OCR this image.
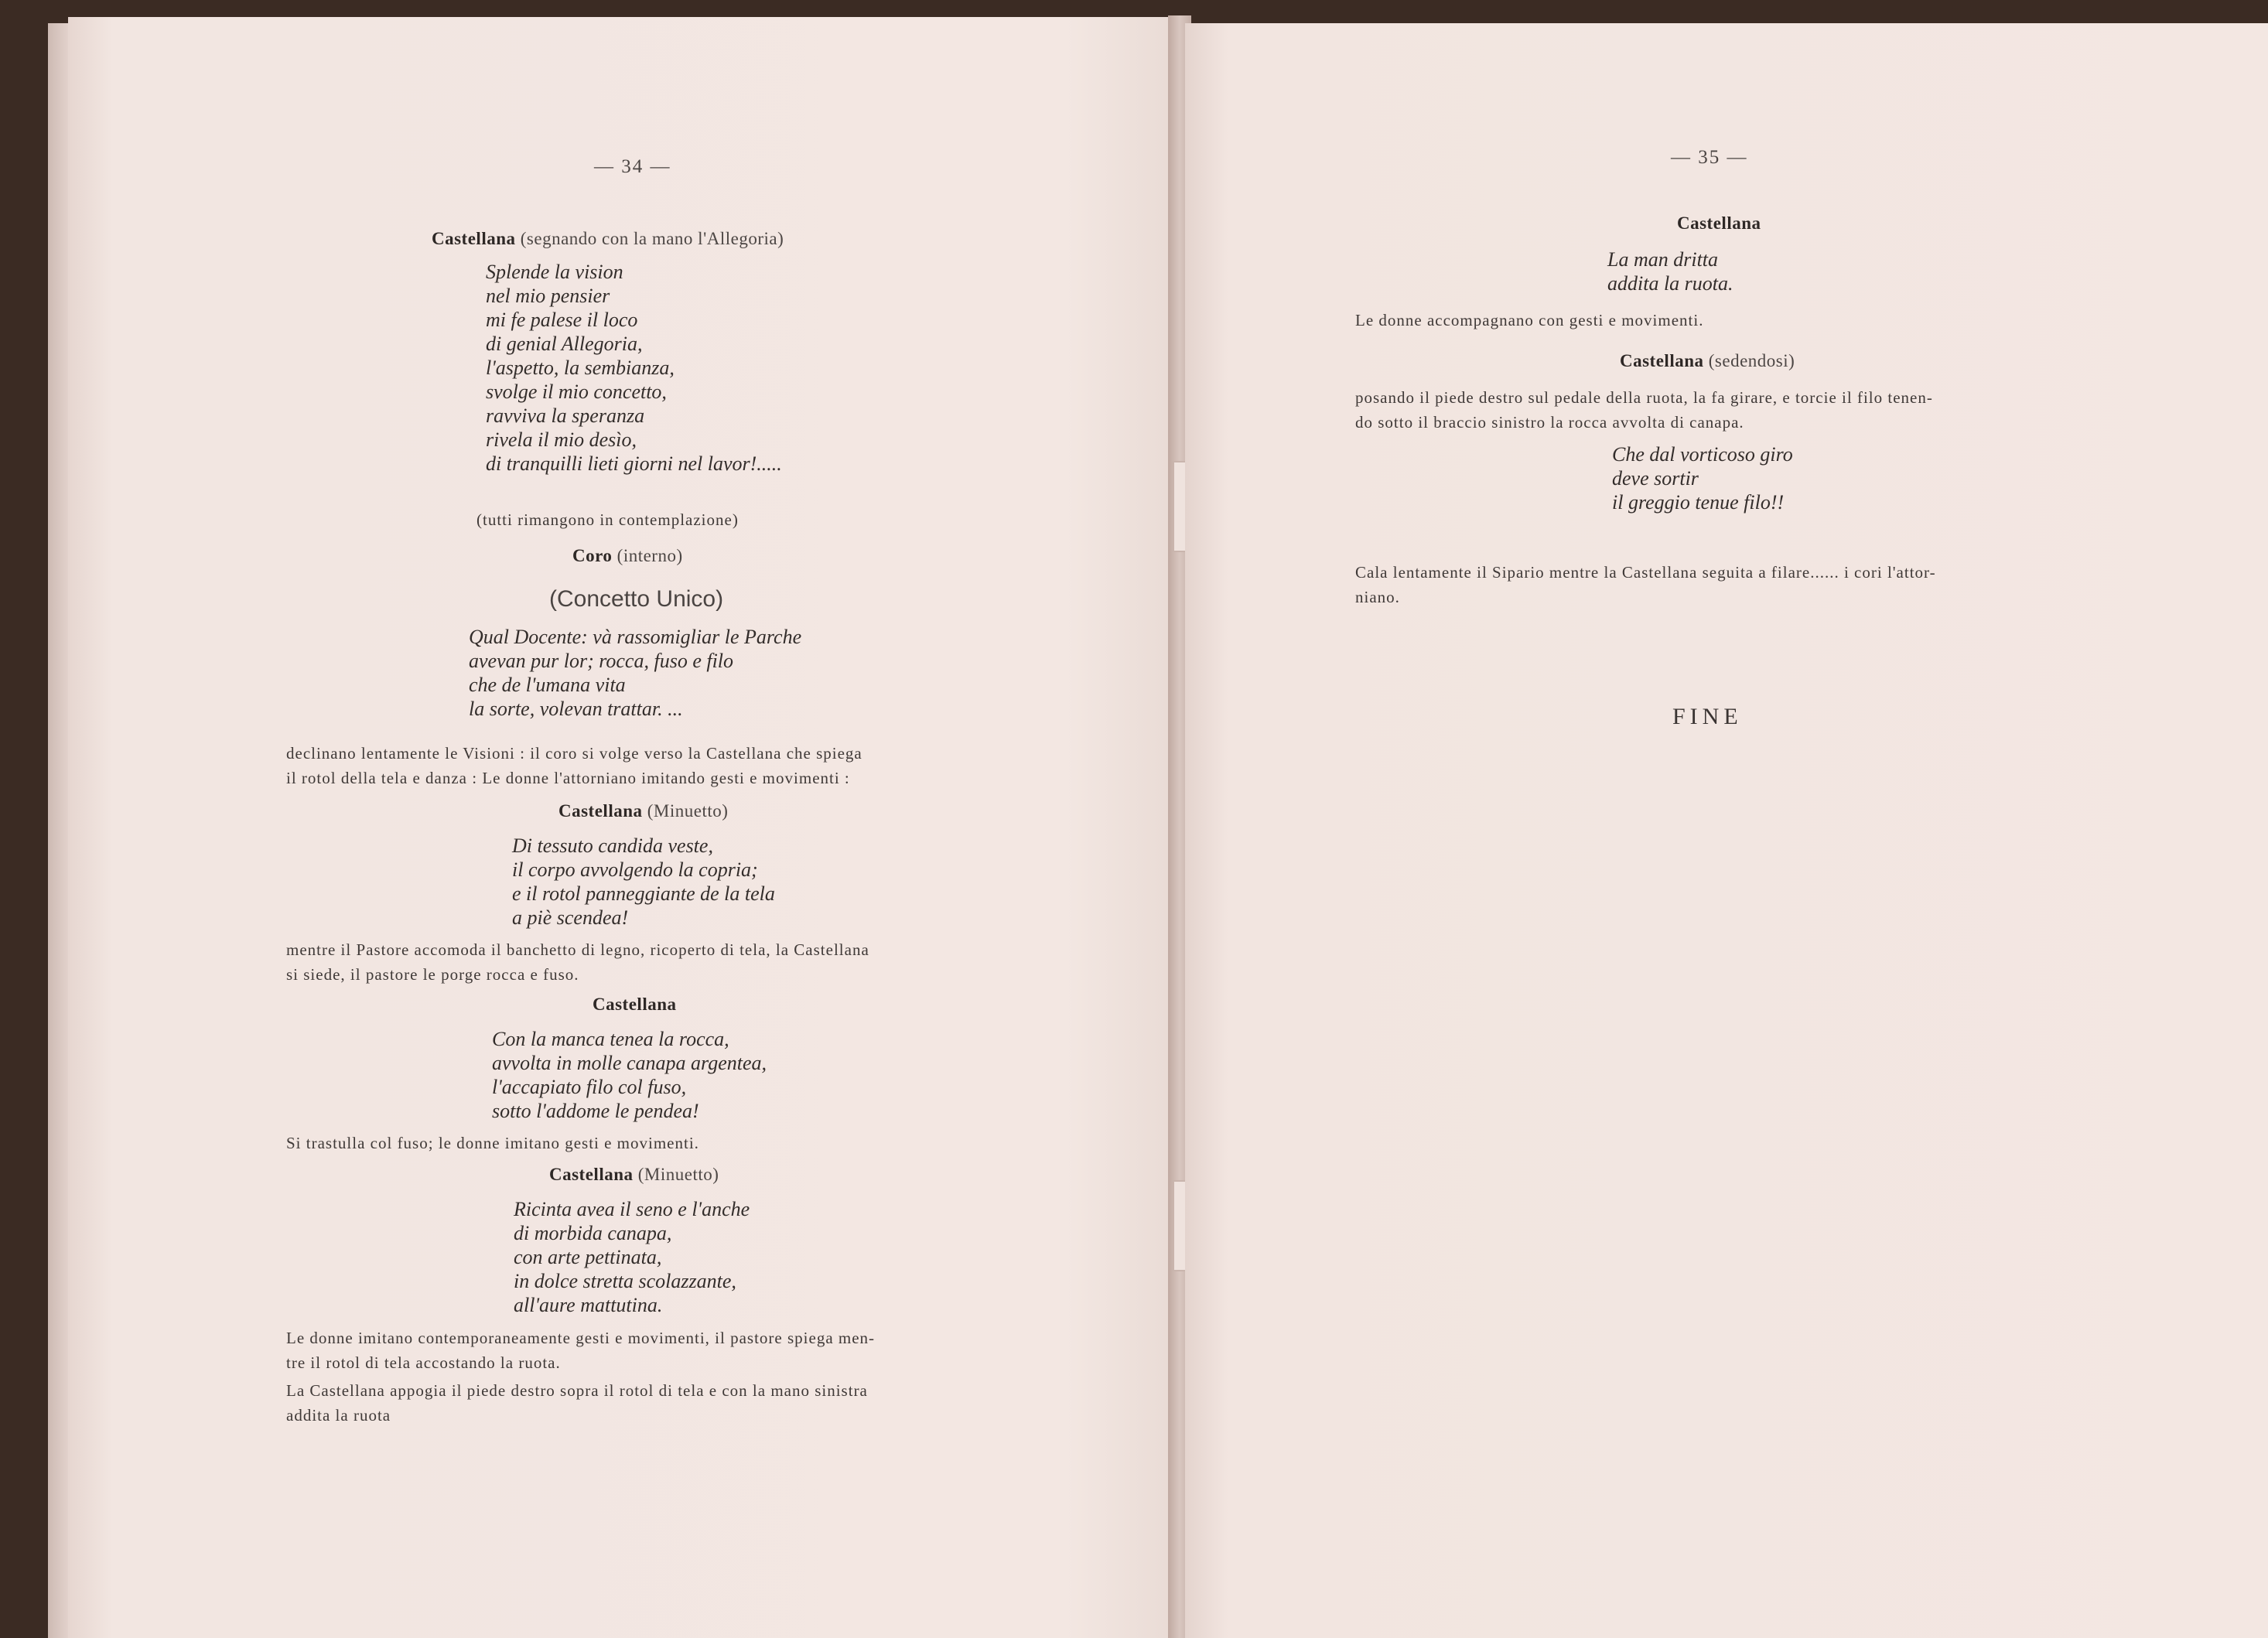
— 34 —
Castellana (segnando con la mano l'Allegoria)
Splende la vision
nel mio pensier
mi fe palese il loco
di genial Allegoria,
l'aspetto, la sembianza,
svolge il mio concetto,
ravviva la speranza
rivela il mio desìo,
di tranquilli lieti giorni nel lavor!.....
(tutti rimangono in contemplazione)
Coro (interno)
(Concetto Unico)
Qual Docente: và rassomigliar le Parche
avevan pur lor; rocca, fuso e filo
che de l'umana vita
la sorte, volevan trattar. ...
declinano lentamente le Visioni : il coro si volge verso la Castellana che spiega
il rotol della tela e danza : Le donne l'attorniano imitando gesti e movimenti :
Castellana (Minuetto)
Di tessuto candida veste,
il corpo avvolgendo la copria;
e il rotol panneggiante de la tela
a piè scendea!
mentre il Pastore accomoda il banchetto di legno, ricoperto di tela, la Castellana
si siede, il pastore le porge rocca e fuso.
Castellana
Con la manca tenea la rocca,
avvolta in molle canapa argentea,
l'accapiato filo col fuso,
sotto l'addome le pendea!
Si trastulla col fuso; le donne imitano gesti e movimenti.
Castellana (Minuetto)
Ricinta avea il seno e l'anche
di morbida canapa,
con arte pettinata,
in dolce stretta scolazzante,
all'aure mattutina.
Le donne imitano contemporaneamente gesti e movimenti, il pastore spiega men-
tre il rotol di tela accostando la ruota.
La Castellana appogia il piede destro sopra il rotol di tela e con la mano sinistra
addita la ruota
— 35 —
Castellana
La man dritta
addita la ruota.
Le donne accompagnano con gesti e movimenti.
Castellana (sedendosi)
posando il piede destro sul pedale della ruota, la fa girare, e torcie il filo tenen-
do sotto il braccio sinistro la rocca avvolta di canapa.
Che dal vorticoso giro
deve sortir
il greggio tenue filo!!
Cala lentamente il Sipario mentre la Castellana seguita a filare...... i cori l'attor-
niano.
FINE
